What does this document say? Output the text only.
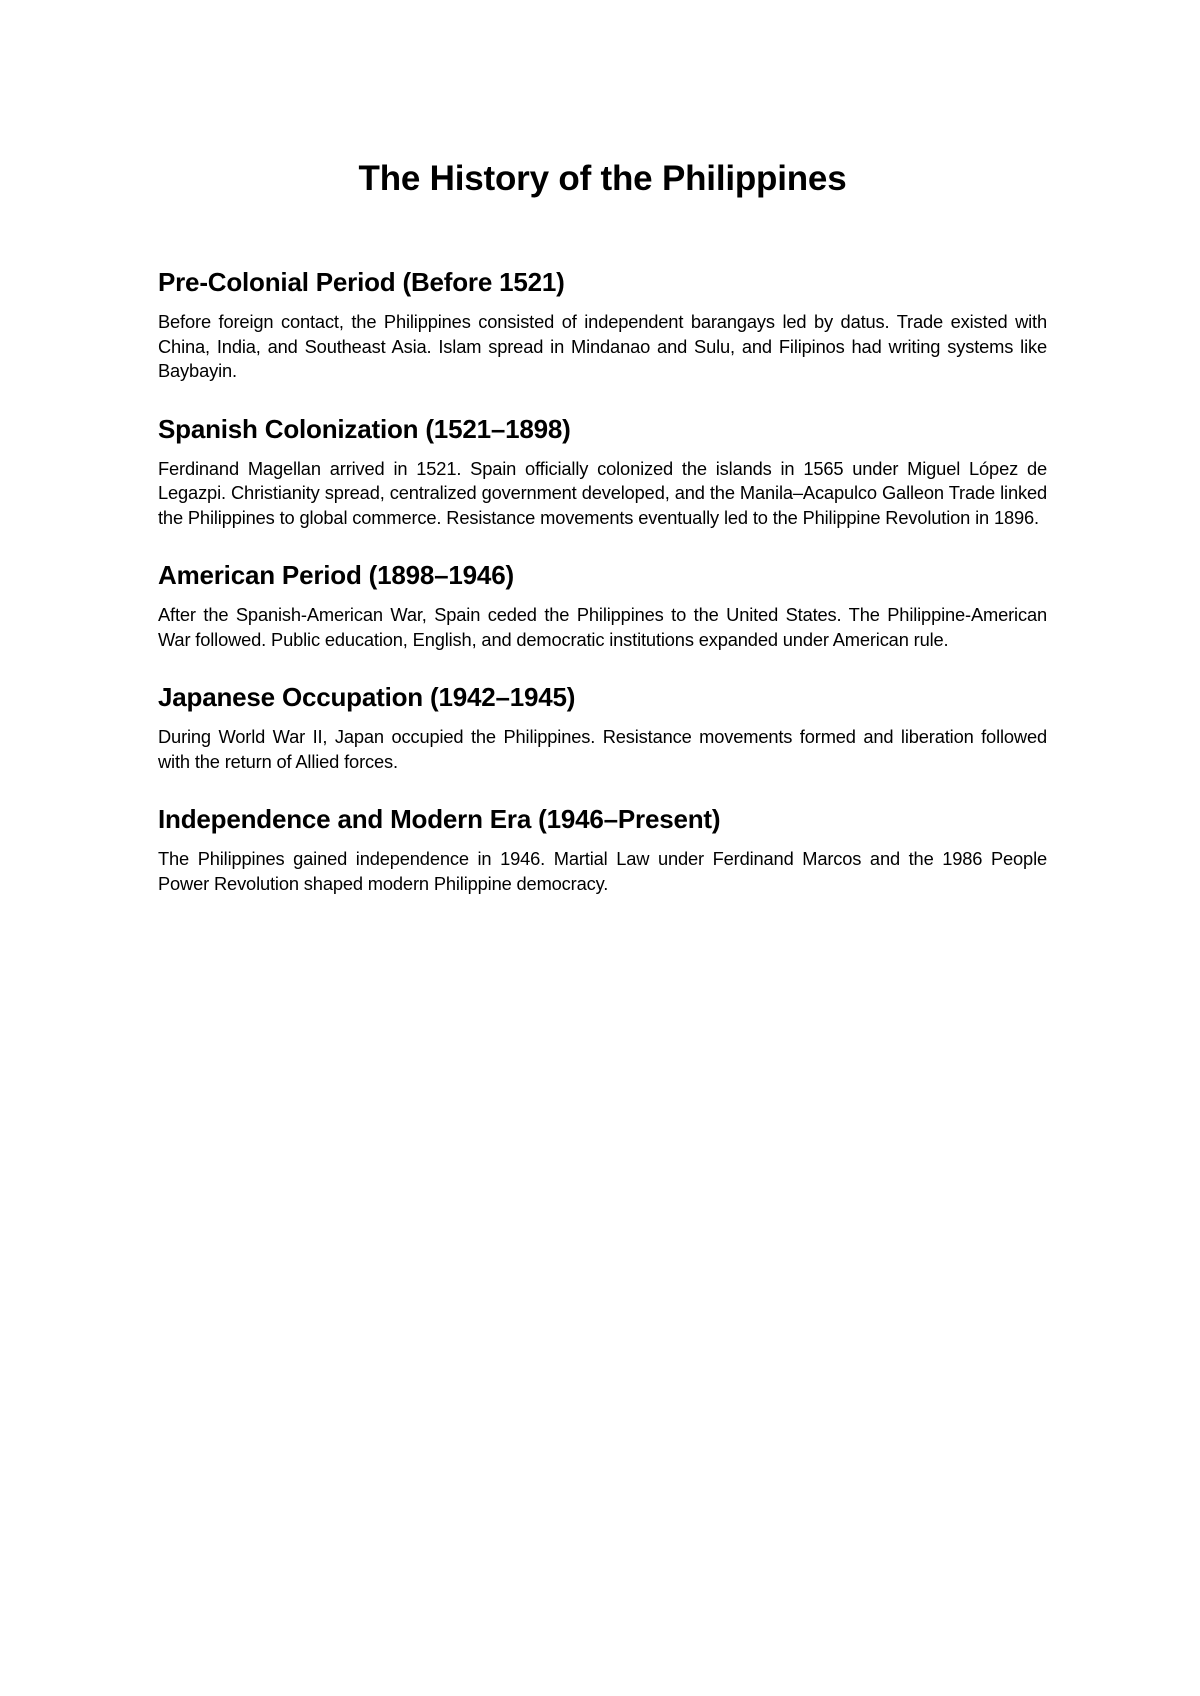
The History of the Philippines
Pre-Colonial Period (Before 1521)

Before foreign contact, the Philippines consisted of independent barangays led by datus. Trade existed with China, India, and Southeast Asia. Islam spread in Mindanao and Sulu, and Filipinos had writing systems like Baybayin.

Spanish Colonization (1521–1898)

Ferdinand Magellan arrived in 1521. Spain officially colonized the islands in 1565 under Miguel López de Legazpi. Christianity spread, centralized government developed, and the Manila–Acapulco Galleon Trade linked the Philippines to global commerce. Resistance movements eventually led to the Philippine Revolution in 1896.

American Period (1898–1946)

After the Spanish-American War, Spain ceded the Philippines to the United States. The Philippine-American War followed. Public education, English, and democratic institutions expanded under American rule.

Japanese Occupation (1942–1945)

During World War II, Japan occupied the Philippines. Resistance movements formed and liberation followed with the return of Allied forces.

Independence and Modern Era (1946–Present)

The Philippines gained independence in 1946. Martial Law under Ferdinand Marcos and the 1986 People Power Revolution shaped modern Philippine democracy.
